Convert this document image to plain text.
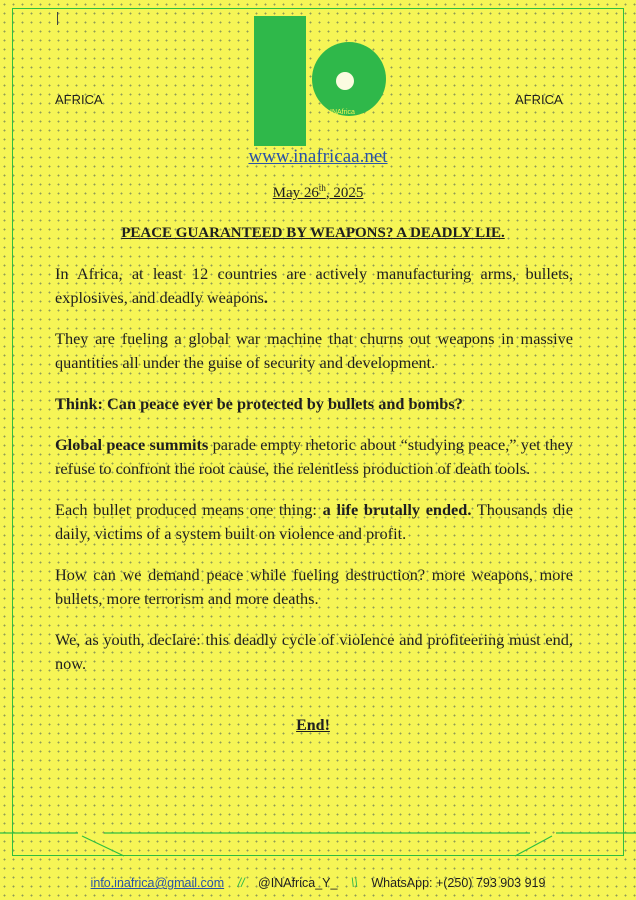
INAfrica
AFRICA	AFRICA
www.inafricaa.net
May 26th, 2025
PEACE GUARANTEED BY WEAPONS? A DEADLY LIE.

In Africa, at least 12 countries are actively manufacturing arms, bullets, explosives, and deadly weapons.

They are fueling a global war machine that churns out weapons in massive quantities all under the guise of security and development.

Think: Can peace ever be protected by bullets and bombs?

Global peace summits parade empty rhetoric about “studying peace,” yet they refuse to confront the root cause, the relentless production of death tools.

Each bullet produced means one thing: a life brutally ended. Thousands die daily, victims of a system built on violence and profit.

How can we demand peace while fueling destruction? more weapons, more bullets, more terrorism and more deaths.

We, as youth, declare: this deadly cycle of violence and profiteering must end, now.

End!
info.inafrica@gmail.com // @INAfrica_Y_ \\ WhatsApp: +(250) 793 903 919
